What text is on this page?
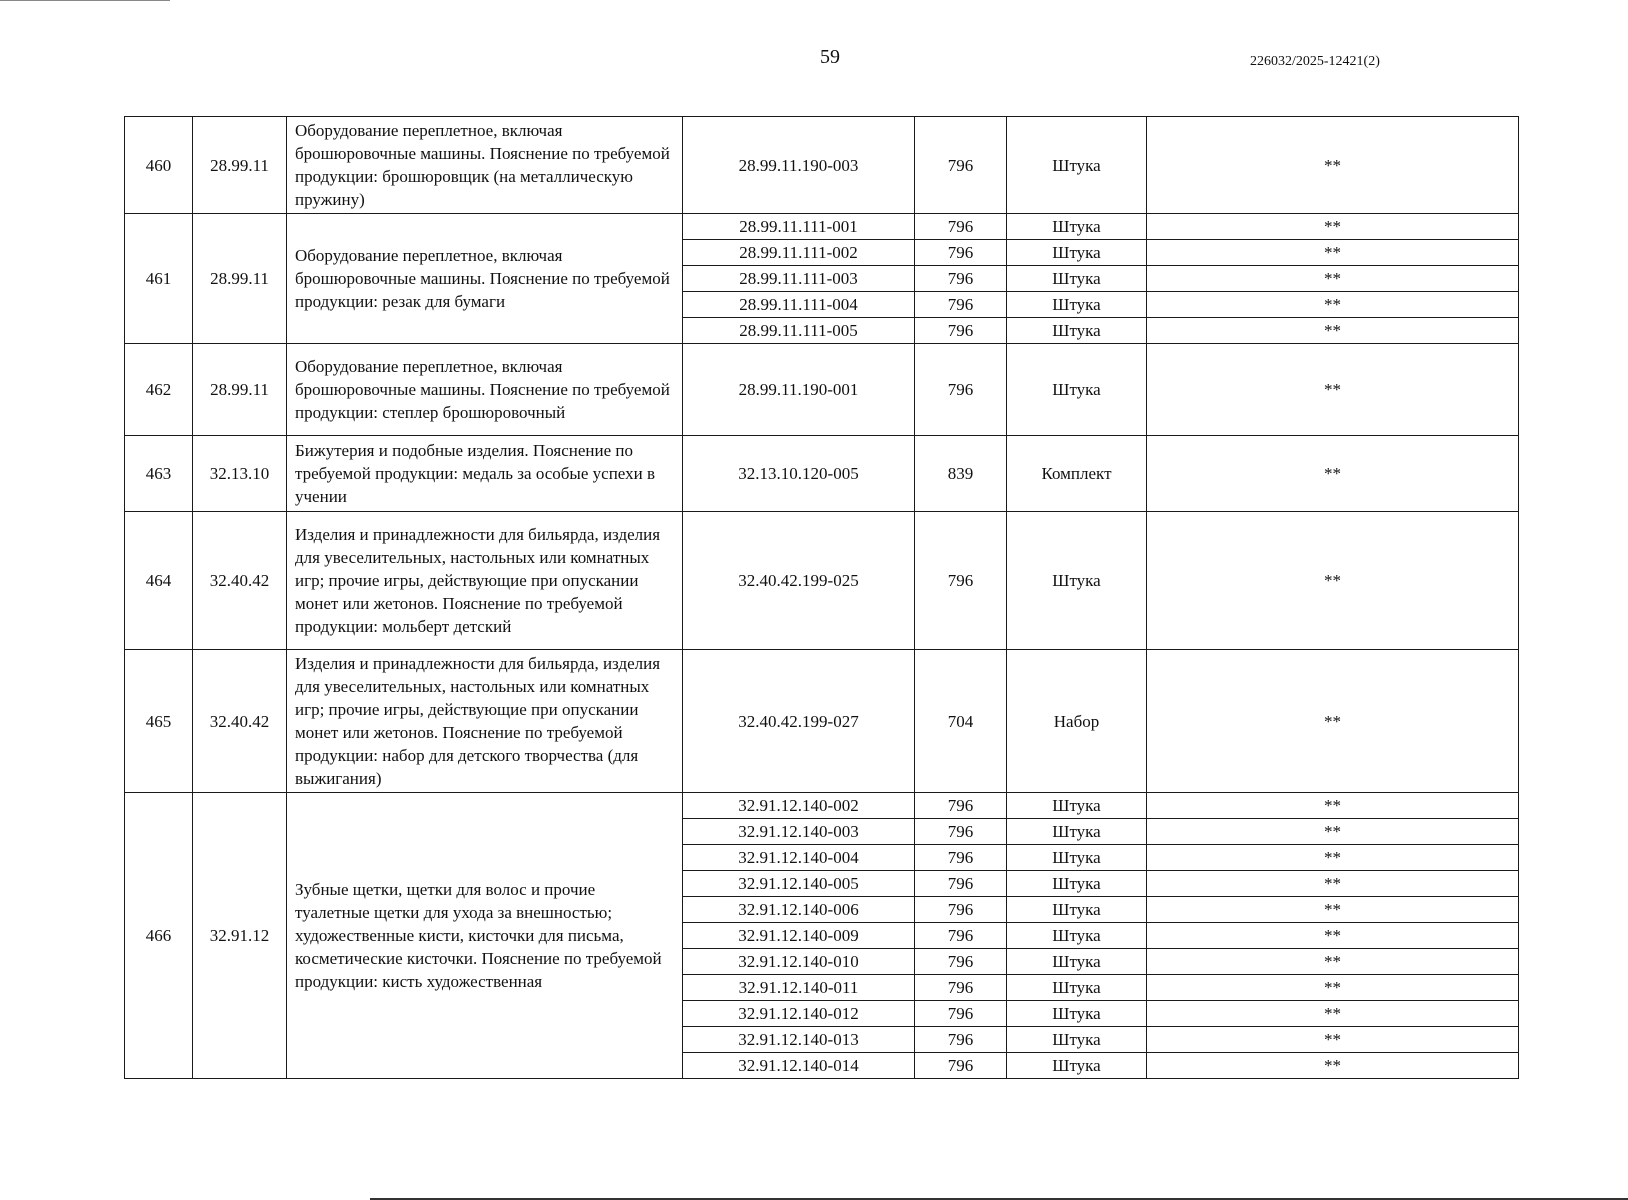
59	226032/2025-12421(2)
460	28.99.11	Оборудование переплетное, включая брошюровочные машины. Пояснение по требуемой продукции: брошюровщик (на металлическую пружину)	28.99.11.190-003	796	Штука	**
461	28.99.11	Оборудование переплетное, включая брошюровочные машины. Пояснение по требуемой продукции: резак для бумаги	28.99.11.111-001	796	Штука	**
			28.99.11.111-002	796	Штука	**
			28.99.11.111-003	796	Штука	**
			28.99.11.111-004	796	Штука	**
			28.99.11.111-005	796	Штука	**
462	28.99.11	Оборудование переплетное, включая брошюровочные машины. Пояснение по требуемой продукции: степлер брошюровочный	28.99.11.190-001	796	Штука	**
463	32.13.10	Бижутерия и подобные изделия. Пояснение по требуемой продукции: медаль за особые успехи в учении	32.13.10.120-005	839	Комплект	**
464	32.40.42	Изделия и принадлежности для бильярда, изделия для увеселительных, настольных или комнатных игр; прочие игры, действующие при опускании монет или жетонов. Пояснение по требуемой продукции: мольберт детский	32.40.42.199-025	796	Штука	**
465	32.40.42	Изделия и принадлежности для бильярда, изделия для увеселительных, настольных или комнатных игр; прочие игры, действующие при опускании монет или жетонов. Пояснение по требуемой продукции: набор для детского творчества (для выжигания)	32.40.42.199-027	704	Набор	**
466	32.91.12	Зубные щетки, щетки для волос и прочие туалетные щетки для ухода за внешностью; художественные кисти, кисточки для письма, косметические кисточки. Пояснение по требуемой продукции: кисть художественная	32.91.12.140-002	796	Штука	**
			32.91.12.140-003	796	Штука	**
			32.91.12.140-004	796	Штука	**
			32.91.12.140-005	796	Штука	**
			32.91.12.140-006	796	Штука	**
			32.91.12.140-009	796	Штука	**
			32.91.12.140-010	796	Штука	**
			32.91.12.140-011	796	Штука	**
			32.91.12.140-012	796	Штука	**
			32.91.12.140-013	796	Штука	**
			32.91.12.140-014	796	Штука	**
